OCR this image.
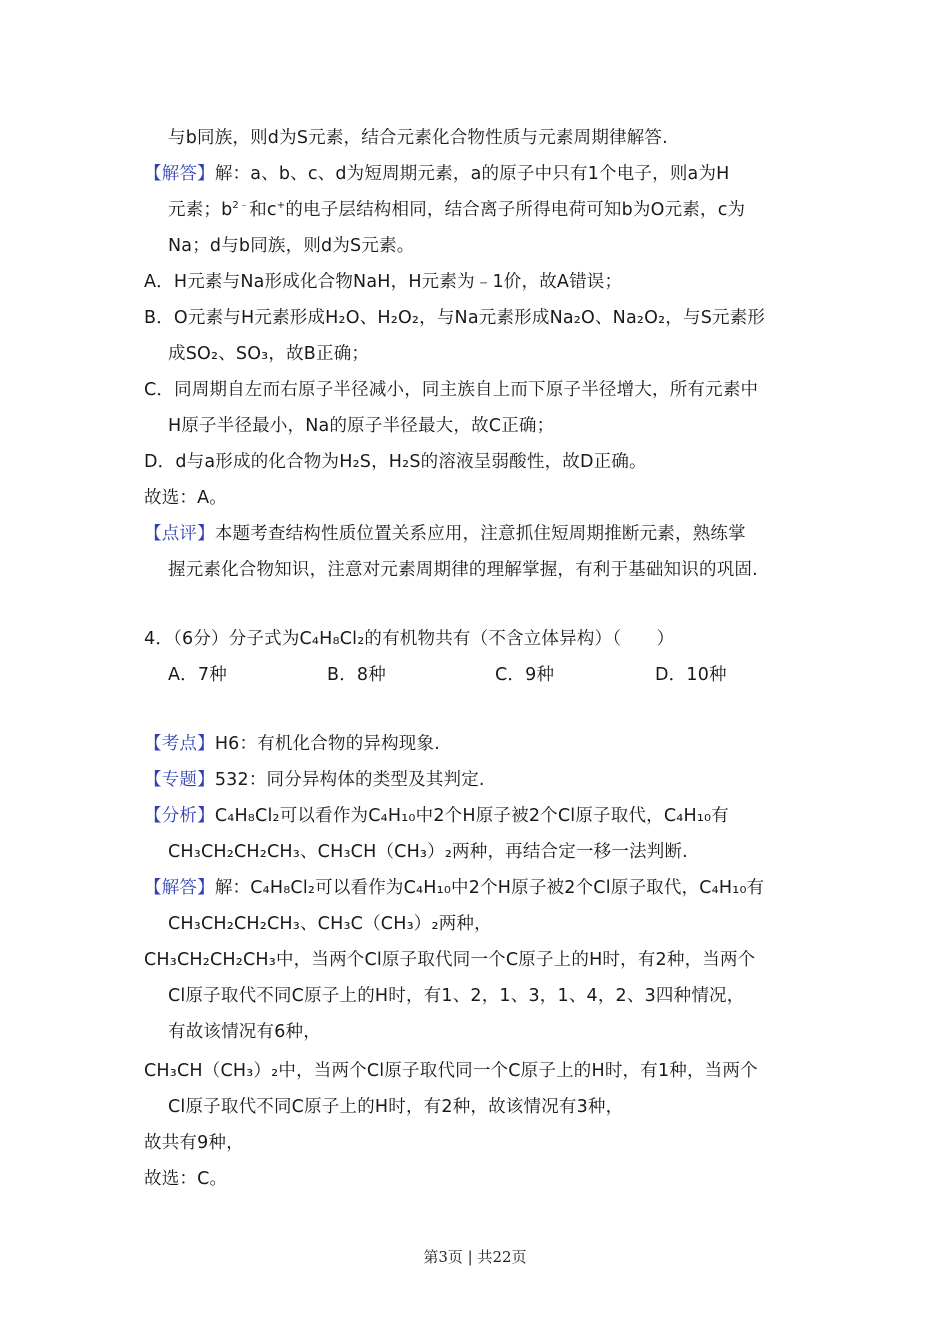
与b同族，则d为S元素，结合元素化合物性质与元素周期律解答.
【解答】解：a、b、c、d为短周期元素，a的原子中只有1个电子，则a为H
元素；$b^{2﹣}$和c+的电子层结构相同，结合离子所得电荷可知b为O元素，c为
Na；d与b同族，则d为S元素。
A．H元素与Na形成化合物NaH，H元素为﹣1价，故A错误；
B．O元素与H元素形成H₂O、H₂O₂，与Na元素形成Na₂O、Na₂O₂，与S元素形
成SO₂、SO₃，故B正确；
C．同周期自左而右原子半径减小，同主族自上而下原子半径增大，所有元素中
H原子半径最小，Na的原子半径最大，故C正确；
D．d与a形成的化合物为H₂S，H₂S的溶液呈弱酸性，故D正确。
故选：A。
【点评】本题考查结构性质位置关系应用，注意抓住短周期推断元素，熟练掌
握元素化合物知识，注意对元素周期律的理解掌握，有利于基础知识的巩固.
4．（6分）分子式为C₄H₈Cl₂的有机物共有（不含立体异构）（　　）
A．7种	B．8种	C．9种	D．10种
【考点】H6：有机化合物的异构现象.
【专题】532：同分异构体的类型及其判定.
【分析】C₄H₈Cl₂可以看作为C₄H₁₀中2个H原子被2个Cl原子取代，C₄H₁₀有
CH₃CH₂CH₂CH₃、CH₃CH（CH₃）₂两种，再结合定一移一法判断.
【解答】解：C₄H₈Cl₂可以看作为C₄H₁₀中2个H原子被2个Cl原子取代，C₄H₁₀有
CH₃CH₂CH₂CH₃、CH₃C（CH₃）₂两种，
CH₃CH₂CH₂CH₃中，当两个Cl原子取代同一个C原子上的H时，有2种，当两个
Cl原子取代不同C原子上的H时，有1、2，1、3，1、4，2、3四种情况，
有故该情况有6种，
CH₃CH（CH₃）₂中，当两个Cl原子取代同一个C原子上的H时，有1种，当两个
Cl原子取代不同C原子上的H时，有2种，故该情况有3种，
故共有9种，
故选：C。
第3页 | 共22页
